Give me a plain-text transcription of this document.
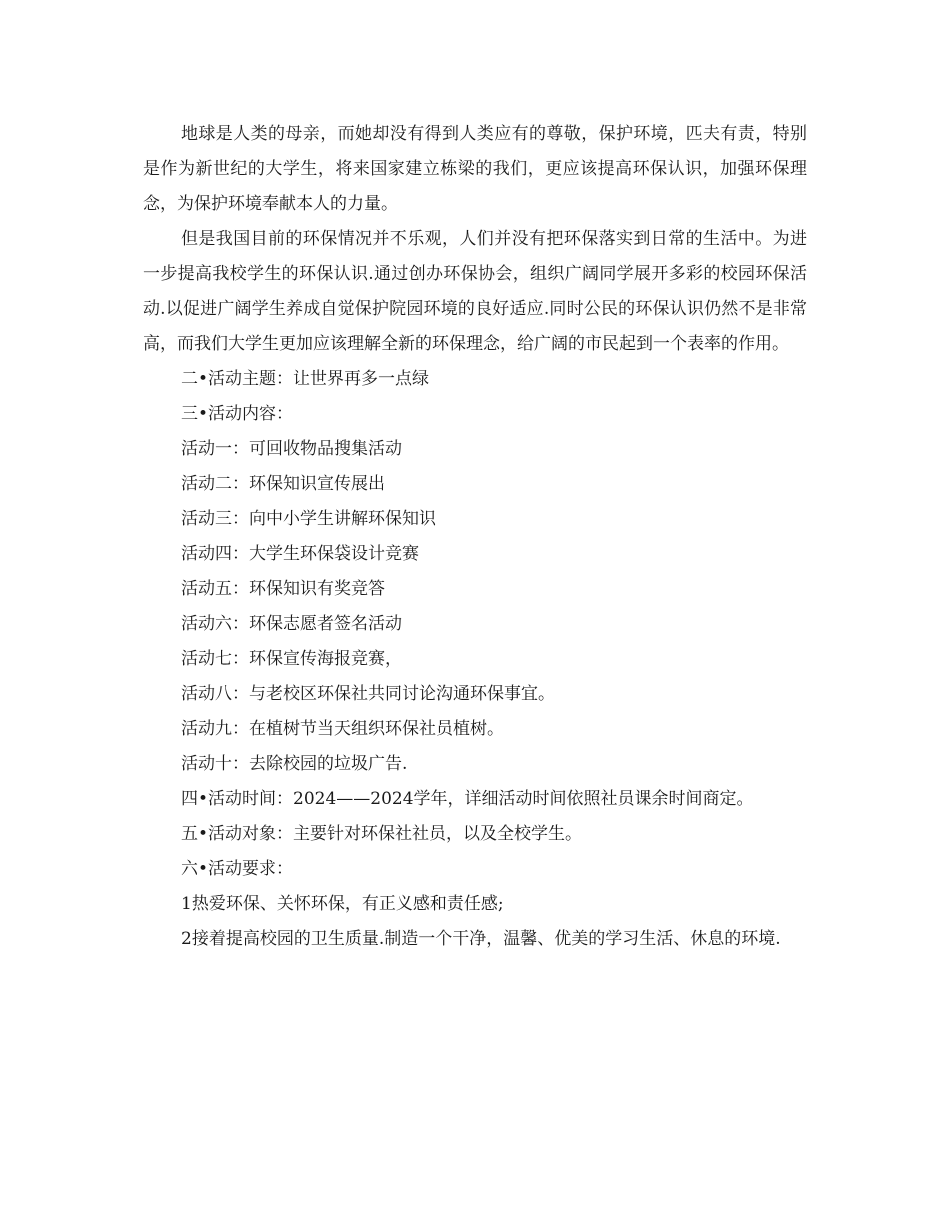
地球是人类的母亲，而她却没有得到人类应有的尊敬，保护环境，匹夫有责，特别是作为新世纪的大学生，将来国家建立栋梁的我们，更应该提高环保认识，加强环保理念，为保护环境奉献本人的力量。

但是我国目前的环保情况并不乐观，人们并没有把环保落实到日常的生活中。为进一步提高我校学生的环保认识.通过创办环保协会，组织广阔同学展开多彩的校园环保活动.以促进广阔学生养成自觉保护院园环境的良好适应.同时公民的环保认识仍然不是非常高，而我们大学生更加应该理解全新的环保理念，给广阔的市民起到一个表率的作用。

二•活动主题：让世界再多一点绿

三•活动内容：

活动一：可回收物品搜集活动

活动二：环保知识宣传展出

活动三：向中小学生讲解环保知识

活动四：大学生环保袋设计竞赛

活动五：环保知识有奖竞答

活动六：环保志愿者签名活动

活动七：环保宣传海报竞赛，

活动八：与老校区环保社共同讨论沟通环保事宜。

活动九：在植树节当天组织环保社员植树。

活动十：去除校园的垃圾广告.

四•活动时间：2024——2024学年，详细活动时间依照社员课余时间商定。

五•活动对象：主要针对环保社社员，以及全校学生。

六•活动要求：

1热爱环保、关怀环保，有正义感和责任感;

2接着提高校园的卫生质量.制造一个干净，温馨、优美的学习生活、休息的环境.
